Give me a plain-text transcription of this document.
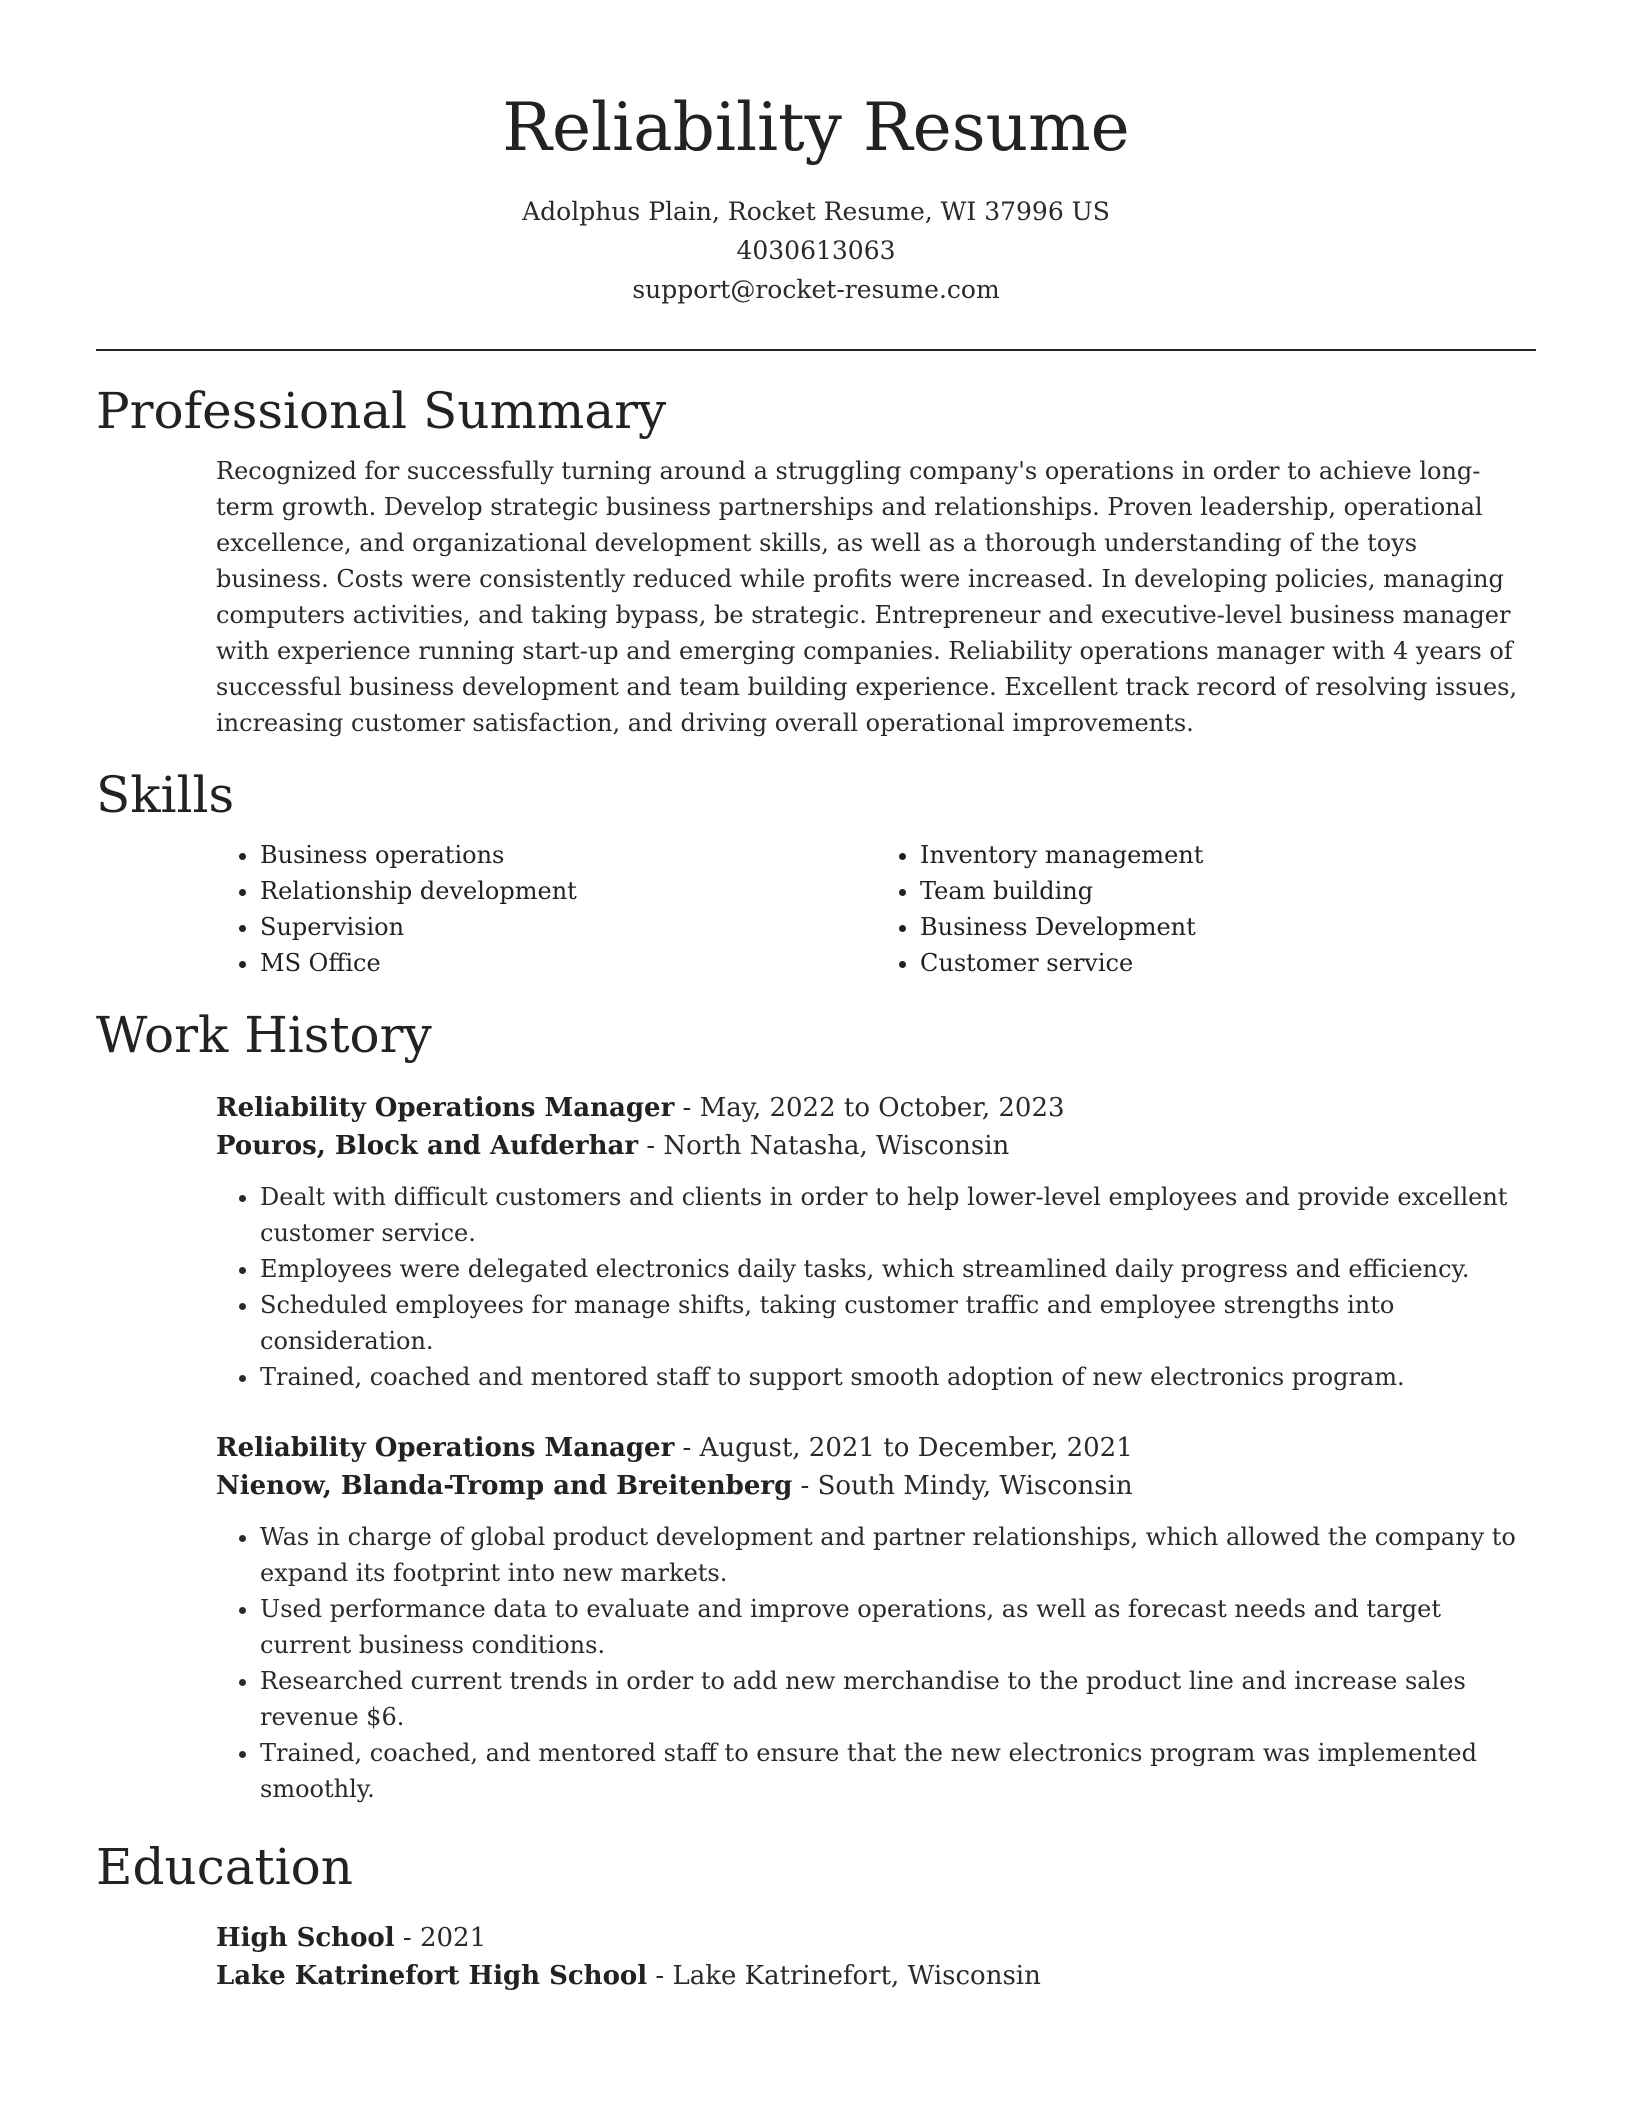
Reliability Resume
Adolphus Plain, Rocket Resume, WI 37996 US
4030613063
support@rocket-resume.com
Professional Summary

Recognized for successfully turning around a struggling company's operations in order to achieve long-term growth. Develop strategic business partnerships and relationships. Proven leadership, operational excellence, and organizational development skills, as well as a thorough understanding of the toys business. Costs were consistently reduced while profits were increased. In developing policies, managing computers activities, and taking bypass, be strategic. Entrepreneur and executive-level business manager with experience running start-up and emerging companies. Reliability operations manager with 4 years of successful business development and team building experience. Excellent track record of resolving issues, increasing customer satisfaction, and driving overall operational improvements.

Skills
• Business operations
• Relationship development
• Supervision
• MS Office
• Inventory management
• Team building
• Business Development
• Customer service
Work History
Reliability Operations Manager - May, 2022 to October, 2023
Pouros, Block and Aufderhar - North Natasha, Wisconsin
• Dealt with difficult customers and clients in order to help lower-level employees and provide excellent customer service.
• Employees were delegated electronics daily tasks, which streamlined daily progress and efficiency.
• Scheduled employees for manage shifts, taking customer traffic and employee strengths into consideration.
• Trained, coached and mentored staff to support smooth adoption of new electronics program.
Reliability Operations Manager - August, 2021 to December, 2021
Nienow, Blanda-Tromp and Breitenberg - South Mindy, Wisconsin
• Was in charge of global product development and partner relationships, which allowed the company to expand its footprint into new markets.
• Used performance data to evaluate and improve operations, as well as forecast needs and target current business conditions.
• Researched current trends in order to add new merchandise to the product line and increase sales revenue $6.
• Trained, coached, and mentored staff to ensure that the new electronics program was implemented smoothly.
Education
High School - 2021
Lake Katrinefort High School - Lake Katrinefort, Wisconsin
